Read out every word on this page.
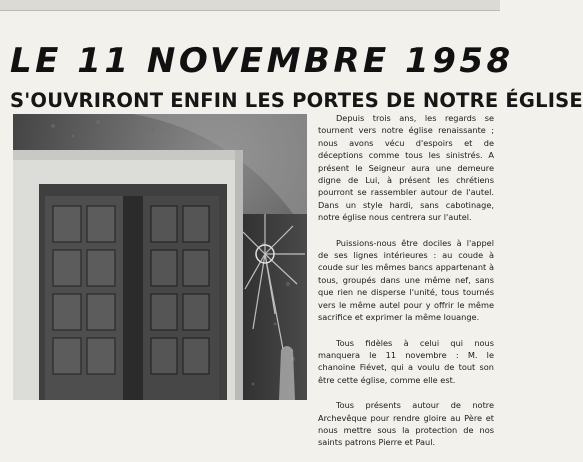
LE 11 NOVEMBRE 1958
S'OUVRIRONT ENFIN LES PORTES DE NOTRE ÉGLISE

Depuis trois ans, les regards se tournent vers notre église renaissante ; nous avons vécu d'espoirs et de déceptions comme tous les sinistrés. A présent le Seigneur aura une demeure digne de Lui, à présent les chrétiens pourront se rassembler autour de l'autel. Dans un style hardi, sans cabotinage, notre église nous centrera sur l'autel.

Puissions-nous être dociles à l'appel de ses lignes intérieures : au coude à coude sur les mêmes bancs appartenant à tous, groupés dans une même nef, sans que rien ne disperse l'unité, tous tournés vers le même autel pour y offrir le même sacrifice et exprimer la même louange.

Tous fidèles à celui qui nous manquera le 11 novembre : M. le chanoine Fiévet, qui a voulu de tout son être cette église, comme elle est.

Tous présents autour de notre Archevêque pour rendre gloire au Père et nous mettre sous la protection de nos saints patrons Pierre et Paul.
